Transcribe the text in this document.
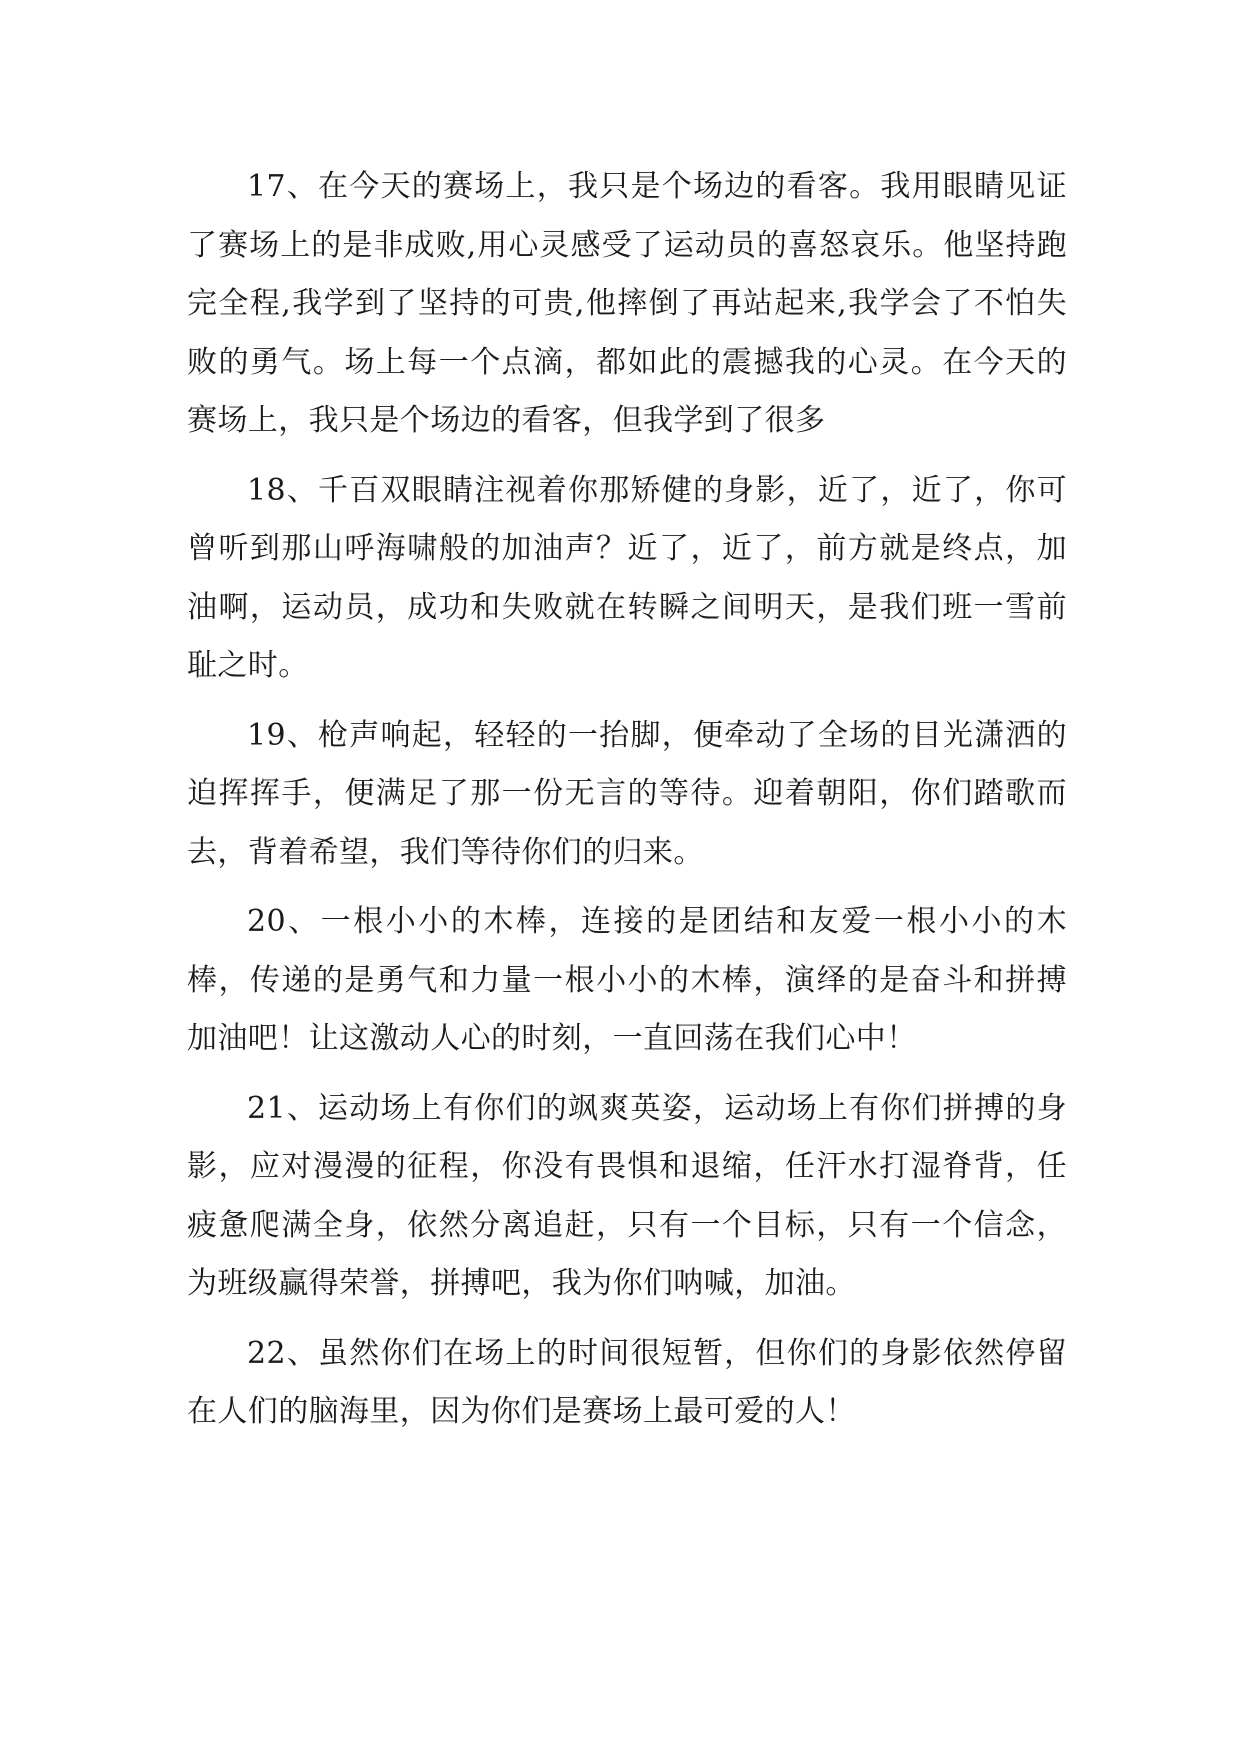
17、在今天的赛场上，我只是个场边的看客。我用眼睛见证了赛场上的是非成败,用心灵感受了运动员的喜怒哀乐。他坚持跑完全程,我学到了坚持的可贵,他摔倒了再站起来,我学会了不怕失败的勇气。场上每一个点滴，都如此的震撼我的心灵。在今天的赛场上，我只是个场边的看客，但我学到了很多

18、千百双眼睛注视着你那矫健的身影，近了，近了，你可曾听到那山呼海啸般的加油声？近了，近了，前方就是终点，加油啊，运动员，成功和失败就在转瞬之间明天，是我们班一雪前耻之时。

19、枪声响起，轻轻的一抬脚，便牵动了全场的目光潇洒的迫挥挥手，便满足了那一份无言的等待。迎着朝阳，你们踏歌而去，背着希望，我们等待你们的归来。

20、一根小小的木棒，连接的是团结和友爱一根小小的木棒，传递的是勇气和力量一根小小的木棒，演绎的是奋斗和拼搏加油吧！让这激动人心的时刻，一直回荡在我们心中！

21、运动场上有你们的飒爽英姿，运动场上有你们拼搏的身影，应对漫漫的征程，你没有畏惧和退缩，任汗水打湿脊背，任疲惫爬满全身，依然分离追赶，只有一个目标，只有一个信念，为班级赢得荣誉，拼搏吧，我为你们呐喊，加油。

22、虽然你们在场上的时间很短暂，但你们的身影依然停留在人们的脑海里，因为你们是赛场上最可爱的人！
